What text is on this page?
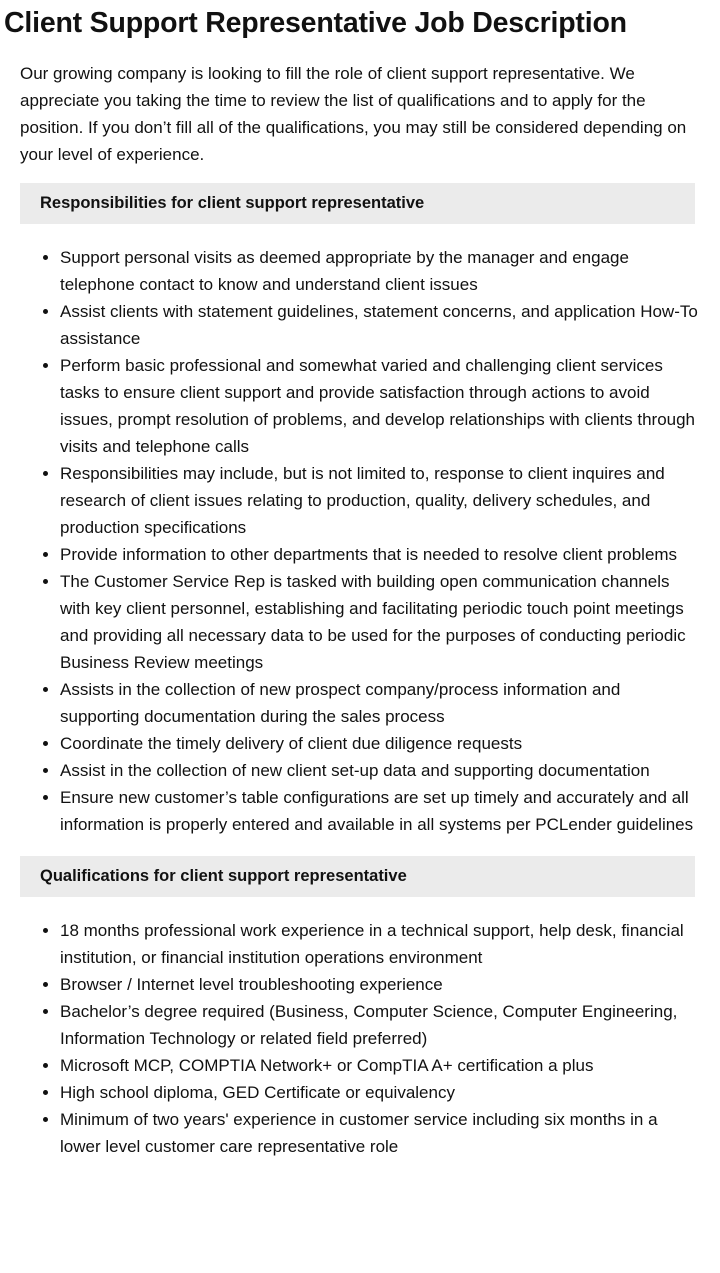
Client Support Representative Job Description

Our growing company is looking to fill the role of client support representative. We appreciate you taking the time to review the list of qualifications and to apply for the position. If you don’t fill all of the qualifications, you may still be considered depending on your level of experience.

Responsibilities for client support representative
• Support personal visits as deemed appropriate by the manager and engage telephone contact to know and understand client issues
• Assist clients with statement guidelines, statement concerns, and application How-To assistance
• Perform basic professional and somewhat varied and challenging client services tasks to ensure client support and provide satisfaction through actions to avoid issues, prompt resolution of problems, and develop relationships with clients through visits and telephone calls
• Responsibilities may include, but is not limited to, response to client inquires and research of client issues relating to production, quality, delivery schedules, and production specifications
• Provide information to other departments that is needed to resolve client problems
• The Customer Service Rep is tasked with building open communication channels with key client personnel, establishing and facilitating periodic touch point meetings and providing all necessary data to be used for the purposes of conducting periodic Business Review meetings
• Assists in the collection of new prospect company/process information and supporting documentation during the sales process
• Coordinate the timely delivery of client due diligence requests
• Assist in the collection of new client set-up data and supporting documentation
• Ensure new customer’s table configurations are set up timely and accurately and all information is properly entered and available in all systems per PCLender guidelines
Qualifications for client support representative
• 18 months professional work experience in a technical support, help desk, financial institution, or financial institution operations environment
• Browser / Internet level troubleshooting experience
• Bachelor’s degree required (Business, Computer Science, Computer Engineering, Information Technology or related field preferred)
• Microsoft MCP, COMPTIA Network+ or CompTIA A+ certification a plus
• High school diploma, GED Certificate or equivalency
• Minimum of two years' experience in customer service including six months in a lower level customer care representative role
